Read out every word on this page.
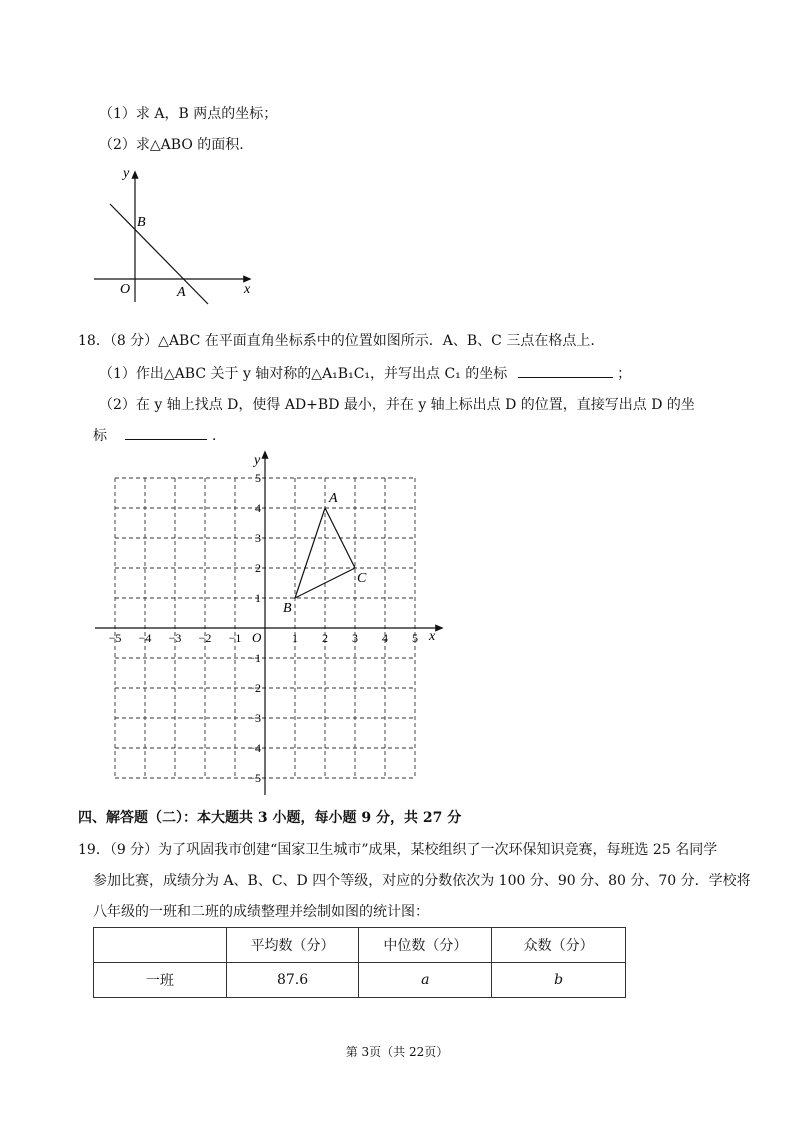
（1）求 A，B 两点的坐标；
（2）求△ABO 的面积.
y
x
O	A
B
18．（8 分）△ABC 在平面直角坐标系中的位置如图所示．A、B、C 三点在格点上.
（1）作出△ABC 关于 y 轴对称的△A₁B₁C₁，并写出点 C₁ 的坐标	；
（2）在 y 轴上找点 D，使得 AD+BD 最小，并在 y 轴上标出点 D 的位置，直接写出点 D 的坐
标	.
−5 −4 −3 −2 −1	1 2 3 4 5
5
4
3
2
1
−1
−2
−3
−4
−5
x
y
O
A
B
C
四、解答题（二）：本大题共 3 小题，每小题 9 分，共 27 分
19．（9 分）为了巩固我市创建“国家卫生城市”成果，某校组织了一次环保知识竞赛，每班选 25 名同学
参加比赛，成绩分为 A、B、C、D 四个等级，对应的分数依次为 100 分、90 分、80 分、70 分．学校将
八年级的一班和二班的成绩整理并绘制如图的统计图：
	平均数（分）	中位数（分）	众数（分）
一班	87.6	a	b
第 3页（共 22页）
